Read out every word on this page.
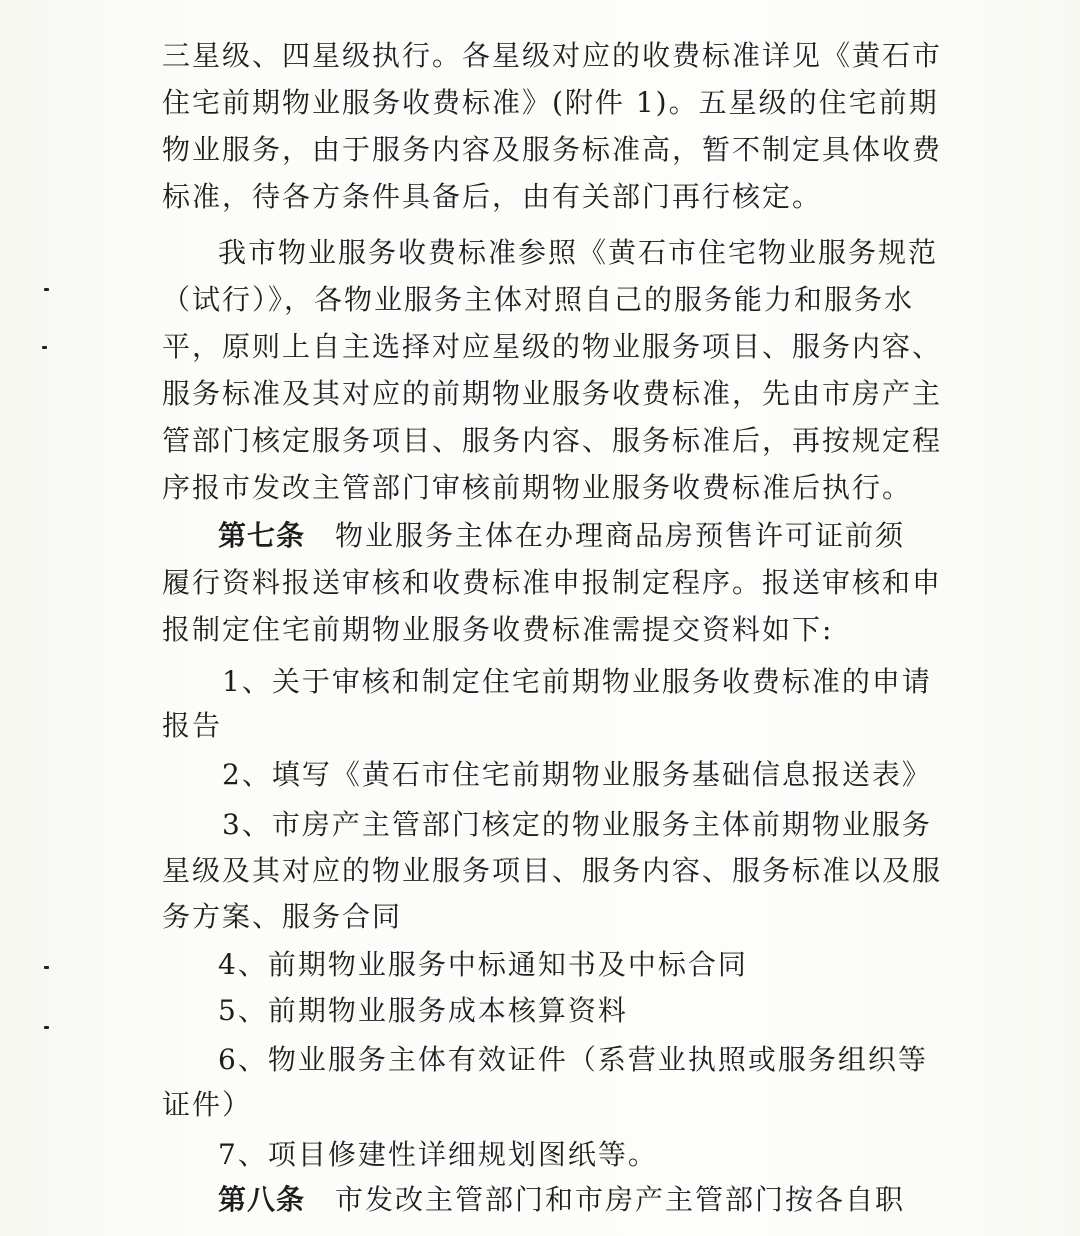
三星级、四星级执行。各星级对应的收费标准详见《黄石市
住宅前期物业服务收费标准》(附件 1)。五星级的住宅前期
物业服务，由于服务内容及服务标准高，暂不制定具体收费
标准，待各方条件具备后，由有关部门再行核定。
我市物业服务收费标准参照《黄石市住宅物业服务规范
（试行）》，各物业服务主体对照自己的服务能力和服务水
平，原则上自主选择对应星级的物业服务项目、服务内容、
服务标准及其对应的前期物业服务收费标准，先由市房产主
管部门核定服务项目、服务内容、服务标准后，再按规定程
序报市发改主管部门审核前期物业服务收费标准后执行。
第七条 物业服务主体在办理商品房预售许可证前须
履行资料报送审核和收费标准申报制定程序。报送审核和申
报制定住宅前期物业服务收费标准需提交资料如下:
1、关于审核和制定住宅前期物业服务收费标准的申请
报告
2、填写《黄石市住宅前期物业服务基础信息报送表》
3、市房产主管部门核定的物业服务主体前期物业服务
星级及其对应的物业服务项目、服务内容、服务标准以及服
务方案、服务合同
4、前期物业服务中标通知书及中标合同
5、前期物业服务成本核算资料
6、物业服务主体有效证件（系营业执照或服务组织等
证件）
7、项目修建性详细规划图纸等。
第八条 市发改主管部门和市房产主管部门按各自职
